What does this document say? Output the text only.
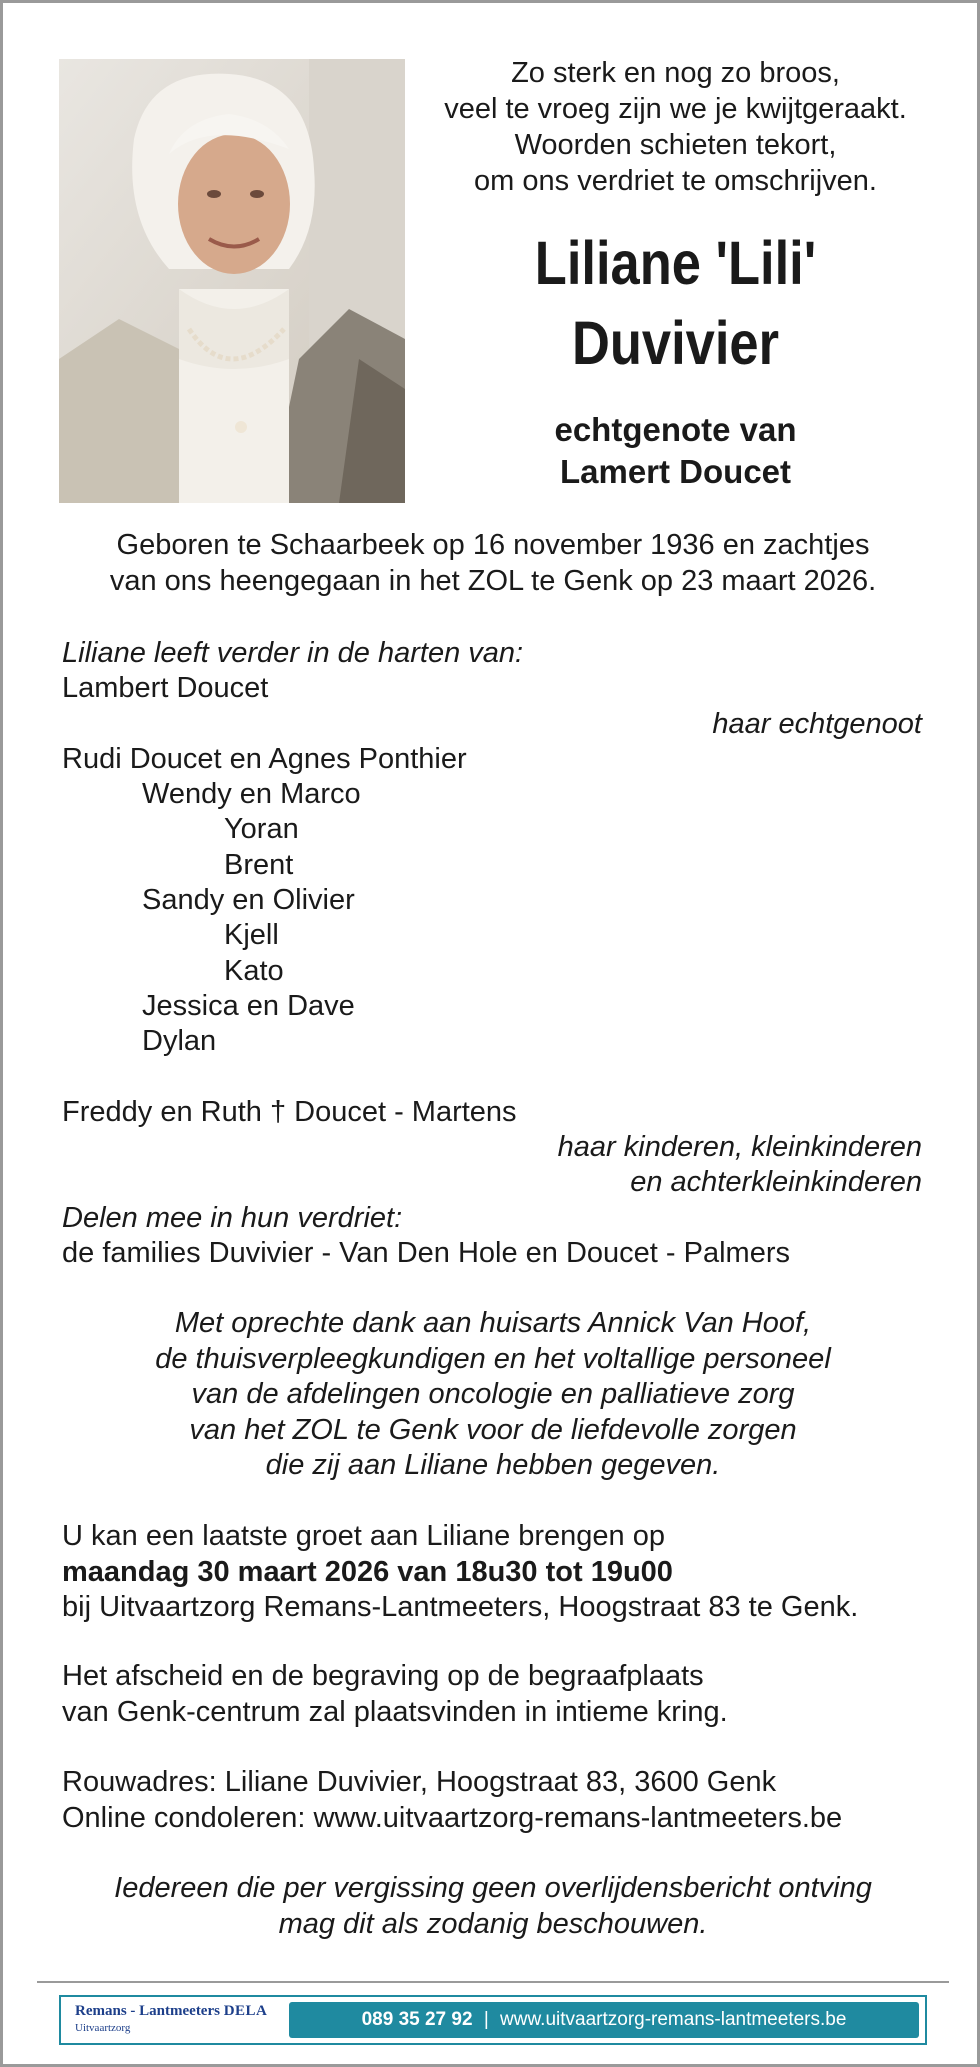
Zo sterk en nog zo broos,
veel te vroeg zijn we je kwijtgeraakt.
Woorden schieten tekort,
om ons verdriet te omschrijven.
Liliane 'Lili'
Duvivier
echtgenote van
Lamert Doucet
Geboren te Schaarbeek op 16 november 1936 en zachtjes
van ons heengegaan in het ZOL te Genk op 23 maart 2026.
Liliane leeft verder in de harten van:
Lambert Doucet
haar echtgenoot
Rudi Doucet en Agnes Ponthier
Wendy en Marco
Yoran
Brent
Sandy en Olivier
Kjell
Kato
Jessica en Dave
Dylan
Freddy en Ruth † Doucet - Martens
haar kinderen, kleinkinderen
en achterkleinkinderen
Delen mee in hun verdriet:
de families Duvivier - Van Den Hole en Doucet - Palmers
Met oprechte dank aan huisarts Annick Van Hoof,
de thuisverpleegkundigen en het voltallige personeel
van de afdelingen oncologie en palliatieve zorg
van het ZOL te Genk voor de liefdevolle zorgen
die zij aan Liliane hebben gegeven.
U kan een laatste groet aan Liliane brengen op
maandag 30 maart 2026 van 18u30 tot 19u00
bij Uitvaartzorg Remans-Lantmeeters, Hoogstraat 83 te Genk.
Het afscheid en de begraving op de begraafplaats
van Genk-centrum zal plaatsvinden in intieme kring.
Rouwadres: Liliane Duvivier, Hoogstraat 83, 3600 Genk
Online condoleren: www.uitvaartzorg-remans-lantmeeters.be
Iedereen die per vergissing geen overlijdensbericht ontving
mag dit als zodanig beschouwen.
Remans - Lantmeeters DELA
Uitvaartzorg	089 35 27 92 | www.uitvaartzorg-remans-lantmeeters.be
